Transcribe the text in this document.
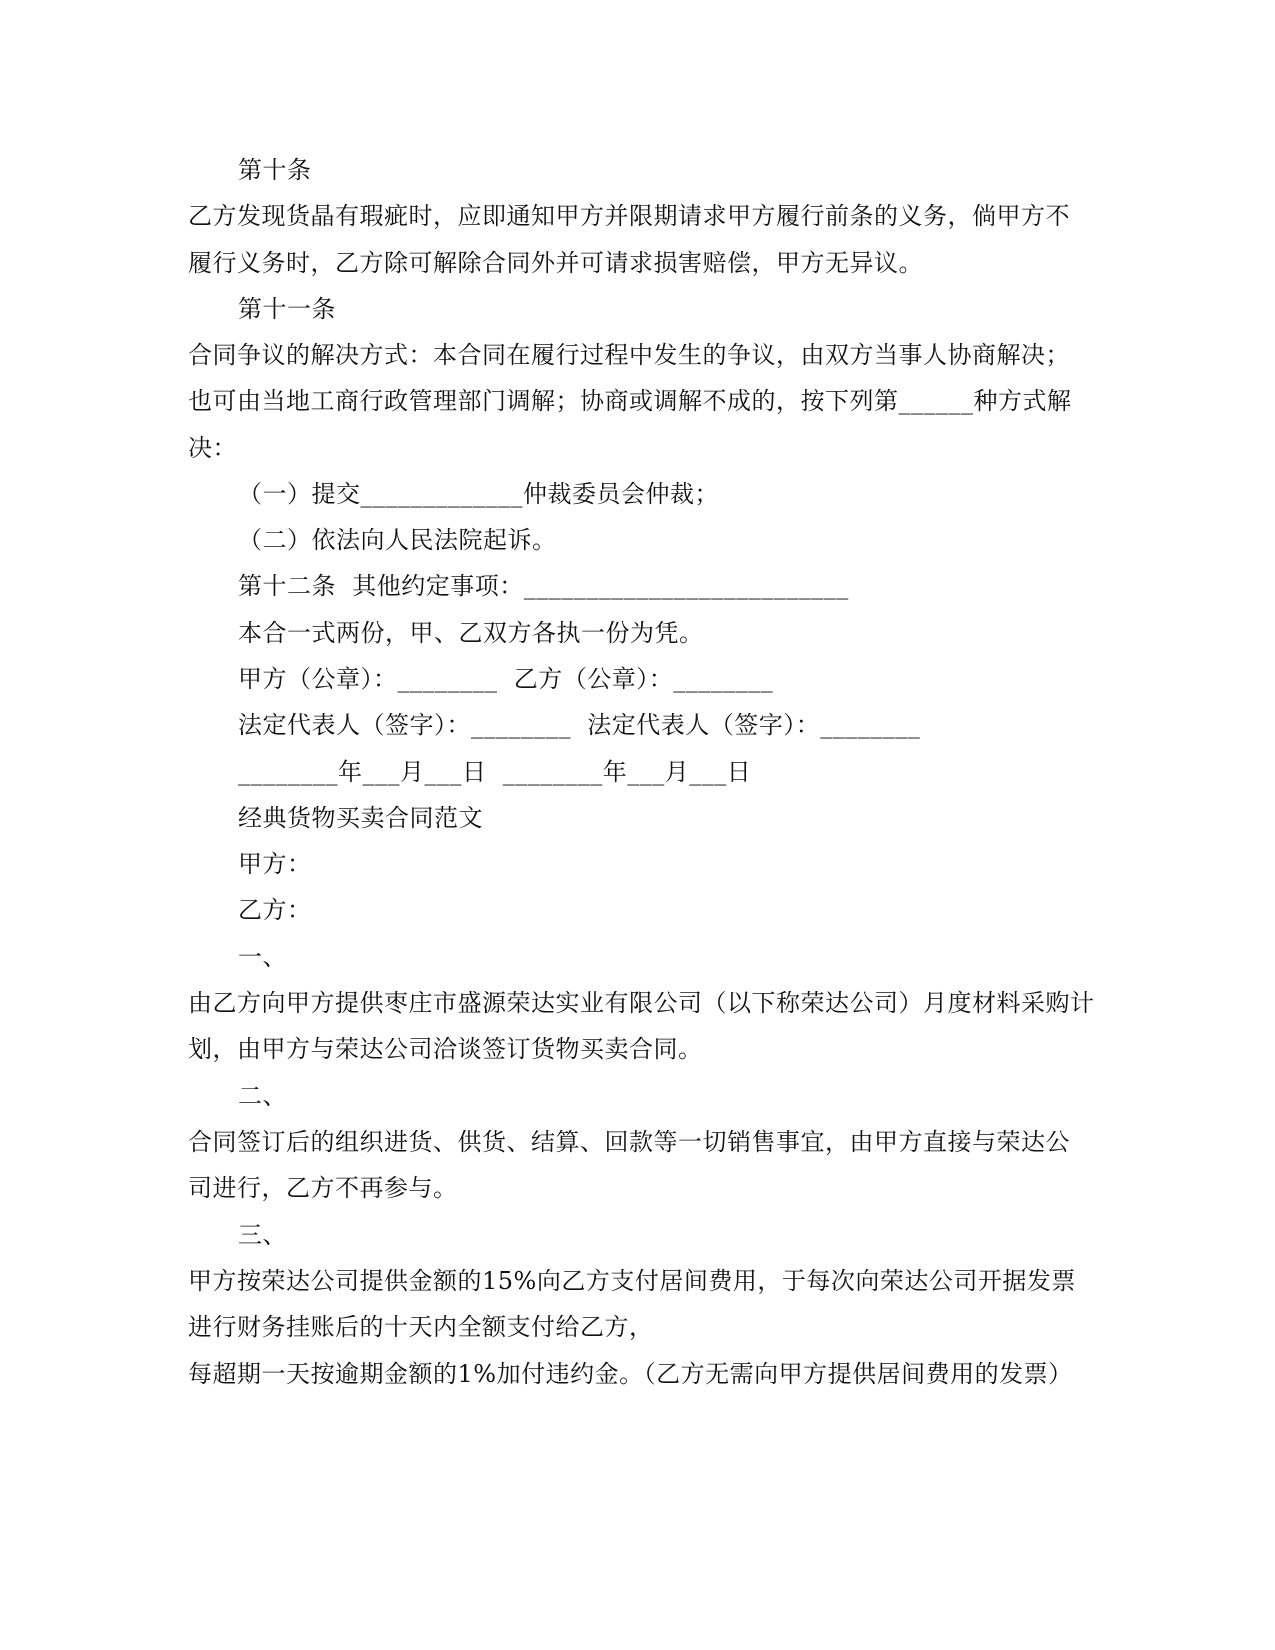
第十条
乙方发现货晶有瑕疵时，应即通知甲方并限期请求甲方履行前条的义务，倘甲方不
履行义务时，乙方除可解除合同外并可请求损害赔偿，甲方无异议。
第十一条
合同争议的解决方式：本合同在履行过程中发生的争议，由双方当事人协商解决；
也可由当地工商行政管理部门调解；协商或调解不成的，按下列第______种方式解
决：
（一）提交_____________仲裁委员会仲裁；
（二）依法向人民法院起诉。
第十二条  其他约定事项：__________________________
本合一式两份，甲、乙双方各执一份为凭。
甲方（公章）：________  乙方（公章）：________
法定代表人（签字）：________  法定代表人（签字）：________
________年___月___日  ________年___月___日
经典货物买卖合同范文
甲方：
乙方：
一、
由乙方向甲方提供枣庄市盛源荣达实业有限公司（以下称荣达公司）月度材料采购计
划，由甲方与荣达公司洽谈签订货物买卖合同。
二、
合同签订后的组织进货、供货、结算、回款等一切销售事宜，由甲方直接与荣达公
司进行，乙方不再参与。
三、
甲方按荣达公司提供金额的15%向乙方支付居间费用，于每次向荣达公司开据发票
进行财务挂账后的十天内全额支付给乙方，
每超期一天按逾期金额的1%加付违约金。（乙方无需向甲方提供居间费用的发票）
